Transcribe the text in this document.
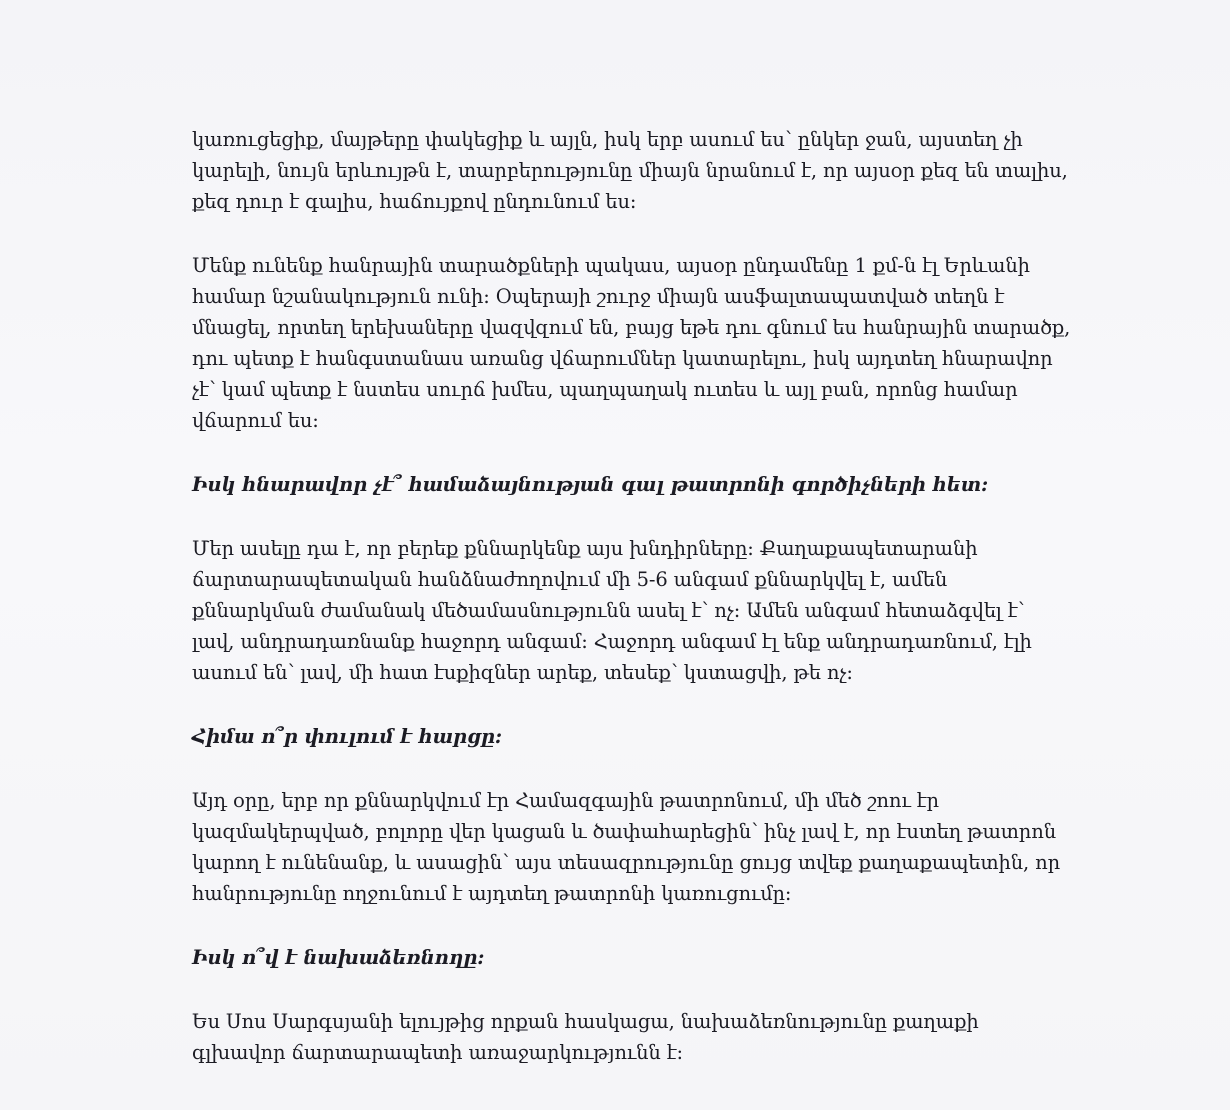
կառուցեցիք, մայթերը փակեցիք և այլն, իսկ երբ ասում ես՝ ընկեր ջան, այստեղ չի
կարելի, նույն երևույթն է, տարբերությունը միայն նրանում է, որ այսօր քեզ են տալիս,
քեզ դուր է գալիս, հաճույքով ընդունում ես:

Մենք ունենք հանրային տարածքների պակաս, այսօր ընդամենը 1 քմ-ն էլ Երևանի
համար նշանակություն ունի: Օպերայի շուրջ միայն ասֆալտապատված տեղն է
մնացել, որտեղ երեխաները վազվզում են, բայց եթե դու գնում ես հանրային տարածք,
դու պետք է հանգստանաս առանց վճարումներ կատարելու, իսկ այդտեղ հնարավոր
չէ՝ կամ պետք է նստես սուրճ խմես, պաղպաղակ ուտես և այլ բան, որոնց համար
վճարում ես:

Իսկ հնարավոր չէ՞ համաձայնության գալ թատրոնի գործիչների հետ:

Մեր ասելը դա է, որ բերեք քննարկենք այս խնդիրները: Քաղաքապետարանի
ճարտարապետական հանձնաժողովում մի 5-6 անգամ քննարկվել է, ամեն
քննարկման ժամանակ մեծամասնությունն ասել է՝ ոչ: Ամեն անգամ հետաձգվել է՝
լավ, անդրադառնանք հաջորդ անգամ: Հաջորդ անգամ էլ ենք անդրադառնում, էլի
ասում են՝ լավ, մի հատ էսքիզներ արեք, տեսեք՝ կստացվի, թե ոչ:

Հիմա ո՞ր փուլում է հարցը:

Այդ օրը, երբ որ քննարկվում էր Համազգային թատրոնում, մի մեծ շոու էր
կազմակերպված, բոլորը վեր կացան և ծափահարեցին՝ ինչ լավ է, որ էստեղ թատրոն
կարող է ունենանք, և ասացին՝ այս տեսազրությունը ցույց տվեք քաղաքապետին, որ
հանրությունը ողջունում է այդտեղ թատրոնի կառուցումը:

Իսկ ո՞վ է նախաձեռնողը:

Ես Սոս Սարգսյանի ելույթից որքան հասկացա, նախաձեռնությունը քաղաքի
գլխավոր ճարտարապետի առաջարկությունն է:
